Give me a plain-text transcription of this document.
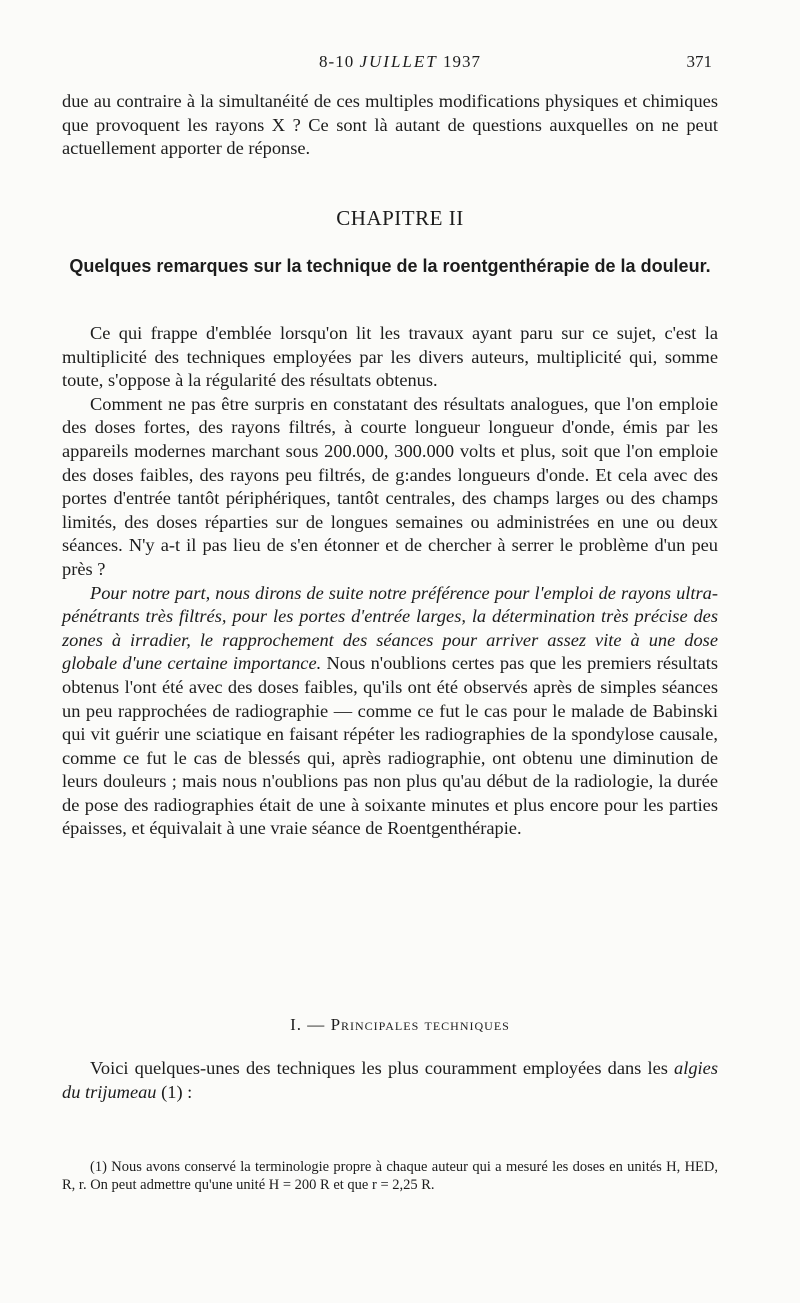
8-10 JUILLET 1937	371

due au contraire à la simultanéité de ces multiples modifications physiques et chimiques que provoquent les rayons X ? Ce sont là autant de questions auxquelles on ne peut actuellement apporter de réponse.

CHAPITRE II
Quelques remarques sur la technique de la roentgenthérapie de la douleur.

Ce qui frappe d'emblée lorsqu'on lit les travaux ayant paru sur ce sujet, c'est la multiplicité des techniques employées par les divers auteurs, multiplicité qui, somme toute, s'oppose à la régularité des résultats obtenus.

Comment ne pas être surpris en constatant des résultats analogues, que l'on emploie des doses fortes, des rayons filtrés, à courte longueur longueur d'onde, émis par les appareils modernes marchant sous 200.000, 300.000 volts et plus, soit que l'on emploie des doses faibles, des rayons peu filtrés, de g:andes longueurs d'onde. Et cela avec des portes d'entrée tantôt périphériques, tantôt centrales, des champs larges ou des champs limités, des doses réparties sur de longues semaines ou administrées en une ou deux séances. N'y a-t il pas lieu de s'en étonner et de chercher à serrer le problème d'un peu près ?

Pour notre part, nous dirons de suite notre préférence pour l'emploi de rayons ultra-pénétrants très filtrés, pour les portes d'entrée larges, la détermination très précise des zones à irradier, le rapprochement des séances pour arriver assez vite à une dose globale d'une certaine importance. Nous n'oublions certes pas que les premiers résultats obtenus l'ont été avec des doses faibles, qu'ils ont été observés après de simples séances un peu rapprochées de radiographie — comme ce fut le cas pour le malade de Babinski qui vit guérir une sciatique en faisant répéter les radiographies de la spondylose causale, comme ce fut le cas de blessés qui, après radiographie, ont obtenu une diminution de leurs douleurs ; mais nous n'oublions pas non plus qu'au début de la radiologie, la durée de pose des radiographies était de une à soixante minutes et plus encore pour les parties épaisses, et équivalait à une vraie séance de Roentgenthérapie.

I. — Principales techniques

Voici quelques-unes des techniques les plus couramment employées dans les algies du trijumeau (1) :

(1) Nous avons conservé la terminologie propre à chaque auteur qui a mesuré les doses en unités H, HED, R, r. On peut admettre qu'une unité H = 200 R et que r = 2,25 R.
